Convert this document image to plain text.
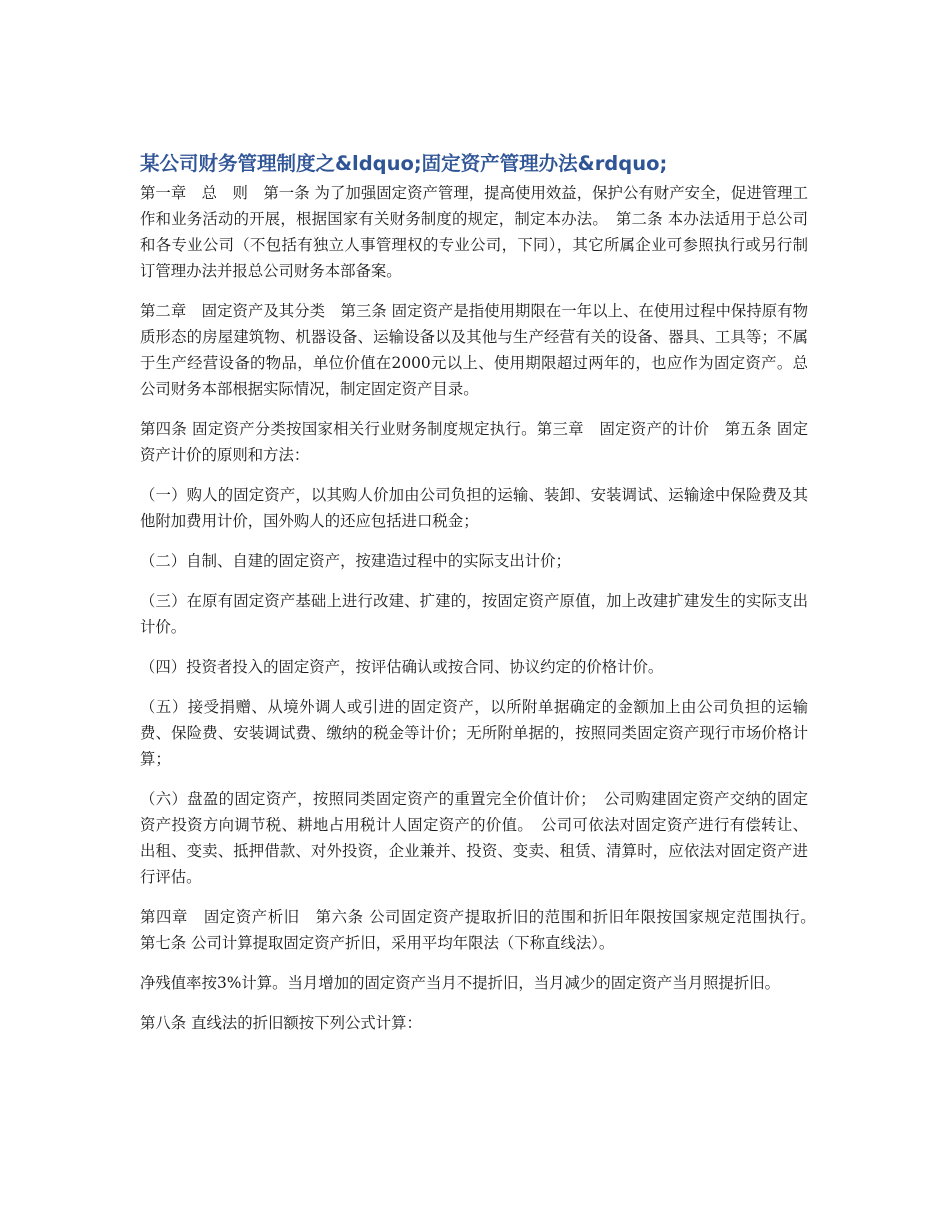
某公司财务管理制度之&ldquo;固定资产管理办法&rdquo;

第一章　总　则　第一条 为了加强固定资产管理，提高使用效益，保护公有财产安全，促进管理工作和业务活动的开展，根据国家有关财务制度的规定，制定本办法。　第二条 本办法适用于总公司和各专业公司（不包括有独立人事管理权的专业公司，下同），其它所属企业可参照执行或另行制订管理办法并报总公司财务本部备案。

第二章　固定资产及其分类　第三条 固定资产是指使用期限在一年以上、在使用过程中保持原有物质形态的房屋建筑物、机器设备、运输设备以及其他与生产经营有关的设备、器具、工具等；不属于生产经营设备的物品，单位价值在2000元以上、使用期限超过两年的，也应作为固定资产。总公司财务本部根据实际情况，制定固定资产目录。

第四条 固定资产分类按国家相关行业财务制度规定执行。第三章　固定资产的计价　第五条 固定资产计价的原则和方法：

（一）购人的固定资产，以其购人价加由公司负担的运输、装卸、安装调试、运输途中保险费及其他附加费用计价，国外购人的还应包括进口税金；

（二）自制、自建的固定资产，按建造过程中的实际支出计价；

（三）在原有固定资产基础上进行改建、扩建的，按固定资产原值，加上改建扩建发生的实际支出计价。

（四）投资者投入的固定资产，按评估确认或按合同、协议约定的价格计价。

（五）接受捐赠、从境外调人或引进的固定资产，以所附单据确定的金额加上由公司负担的运输费、保险费、安装调试费、缴纳的税金等计价；无所附单据的，按照同类固定资产现行市场价格计算；

（六）盘盈的固定资产，按照同类固定资产的重置完全价值计价；　公司购建固定资产交纳的固定资产投资方向调节税、耕地占用税计人固定资产的价值。　公司可依法对固定资产进行有偿转让、出租、变卖、抵押借款、对外投资，企业兼并、投资、变卖、租赁、清算时，应依法对固定资产进行评估。

第四章　固定资产析旧　第六条 公司固定资产提取折旧的范围和折旧年限按国家规定范围执行。　第七条 公司计算提取固定资产折旧，采用平均年限法（下称直线法）。

净残值率按3%计算。当月增加的固定资产当月不提折旧，当月减少的固定资产当月照提折旧。

第八条 直线法的折旧额按下列公式计算：
